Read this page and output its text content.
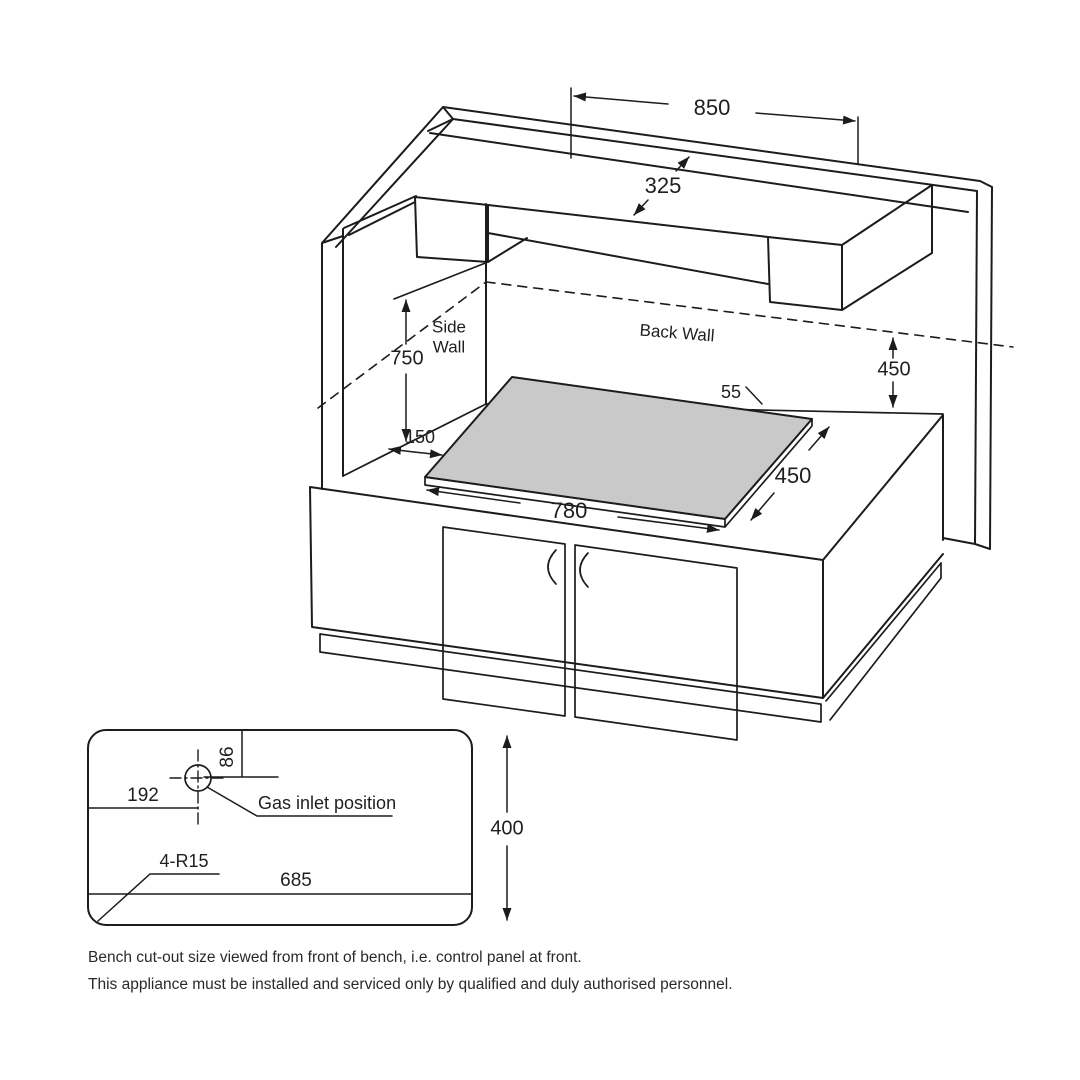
850
325
750	450
150
55
780
450
Side
Wall
Back Wall
86
192	Gas inlet position
4-R15
685
400
Bench cut-out size viewed from front of bench, i.e. control panel at front.
This appliance must be installed and serviced only by qualified and duly authorised personnel.
